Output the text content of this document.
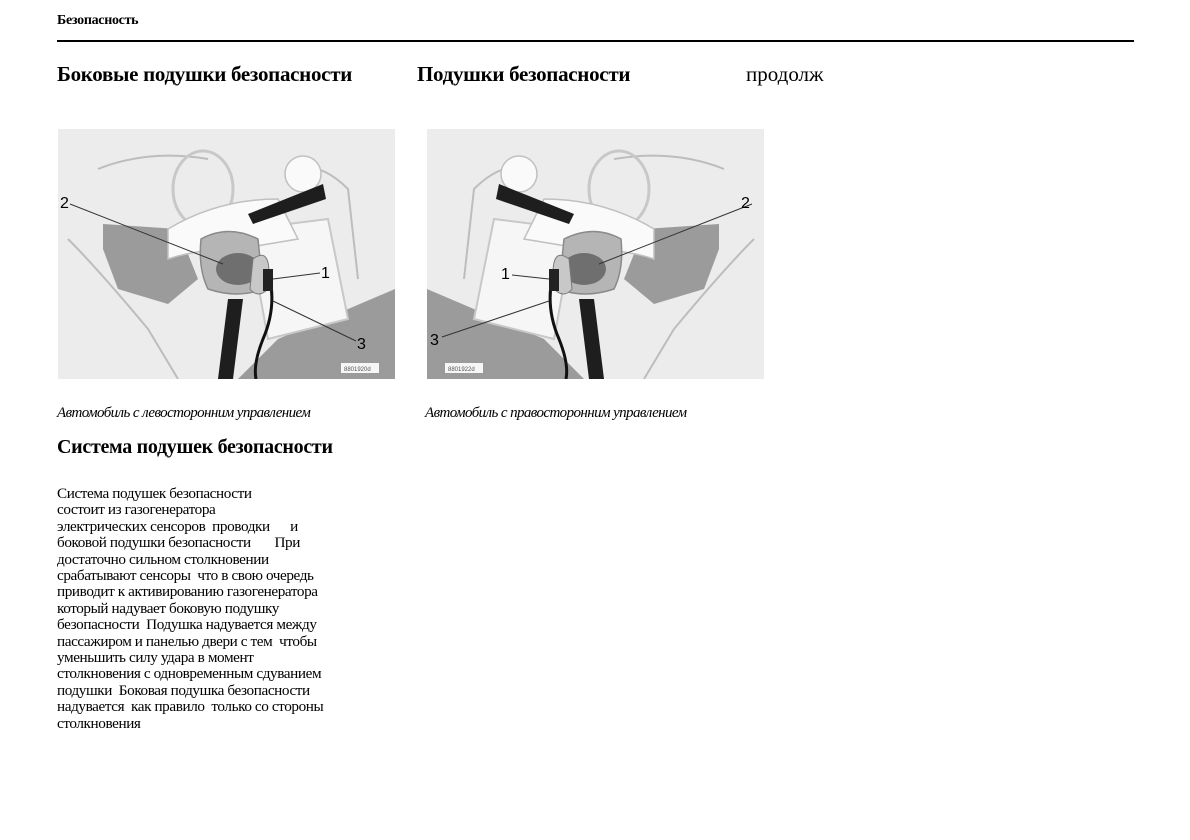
Безопасность
Боковые подушки безопасности	Подушки безопасности	продолж
2
1
3
8801920d
2
1
3
8801922d
Автомобиль с левосторонним управлением	Автомобиль с правосторонним управлением
Система подушек безопасности
Система подушек безопасности
состоит из газогенератора
электрических сенсоров  проводки      и
боковой подушки безопасности       При
достаточно сильном столкновении
срабатывают сенсоры  что в свою очередь
приводит к активированию газогенератора
который надувает боковую подушку
безопасности  Подушка надувается между
пассажиром и панелью двери с тем  чтобы
уменьшить силу удара в момент
столкновения с одновременным сдуванием
подушки  Боковая подушка безопасности
надувается  как правило  только со стороны
столкновения
